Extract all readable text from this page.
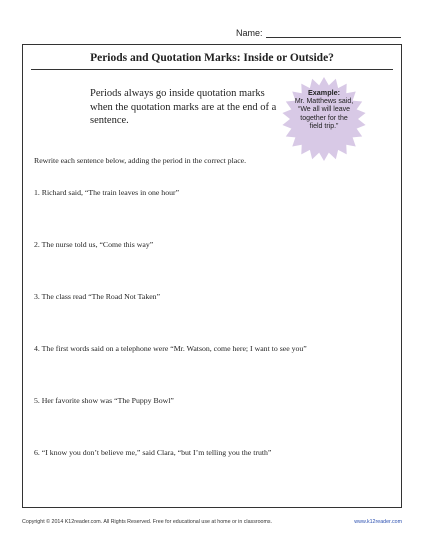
Name:
Periods and Quotation Marks: Inside or Outside?
Periods always go inside quotation marks when the quotation marks are at the end of a sentence.
Example:
Mr. Matthews said, “We all will leave together for the field trip.”
Rewrite each sentence below, adding the period in the correct place.
1. Richard said, “The train leaves in one hour”
2. The nurse told us, “Come this way”
3. The class read “The Road Not Taken”
4. The first words said on a telephone were “Mr. Watson, come here; I want to see you”
5. Her favorite show was “The Puppy Bowl”
6. “I know you don’t believe me,” said Clara, “but I’m telling you the truth”
Copyright © 2014 K12reader.com. All Rights Reserved. Free for educational use at home or in classrooms.	www.k12reader.com
